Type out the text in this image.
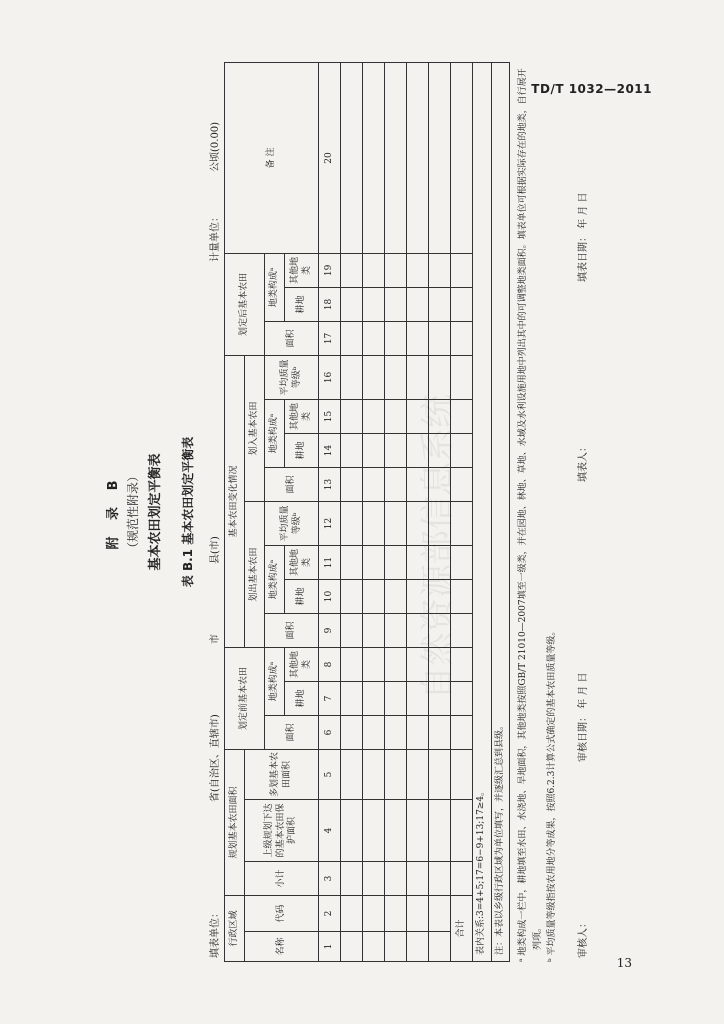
TD/T 1032—2011
自然资源部信息系统
附 录 B （规范性附录） 基本农田划定平衡表 表 B.1 基本农田划定平衡表
填表单位：
省(自治区、直辖市)
市
县(市)
计量单位：
公顷(0.00)
行政区域		规划基本农田面积			划定前基本农田			基本农田变化情况								划定后基本农田			备 注
名称	代码	小计	上级规划下达的基本农田保护面积	多划基本农田面积				划出基本农田				划入基本农田							
					面积	地类构成ᵃ		面积	地类构成ᵃ		平均质量等级ᵇ	面积	地类构成ᵃ		平均质量等级ᵇ	面积	地类构成ᵃ		
						耕地	其他地类		耕地	其他地类			耕地	其他地类			耕地	其他地类	
1	2	3	4	5	6	7	8	9	10	11	12	13	14	15	16	17	18	19	20

合计																			
表内关系:3=4+5;17=6−9+13;17≥4。																			
注：本表以乡级行政区域为单位填写，并逐级汇总到县级。																			ᵃ 地类构成一栏中，耕地填至水田、水浇地、旱地面积，其他地类按照GB/T 21010—2007填至一级类，并在园地、林地、草地、水域及水利设施用地中列出其中的可调整地类面积。填表单位可根据实际存在的地类，自行展开列项。 ᵇ 平均质量等级指按农用地分等成果，按照6.2.3计算公式确定的基本农田质量等级。	审核人：
审核日期： 年 月 日
填表人：
填表日期： 年 月 日
13
